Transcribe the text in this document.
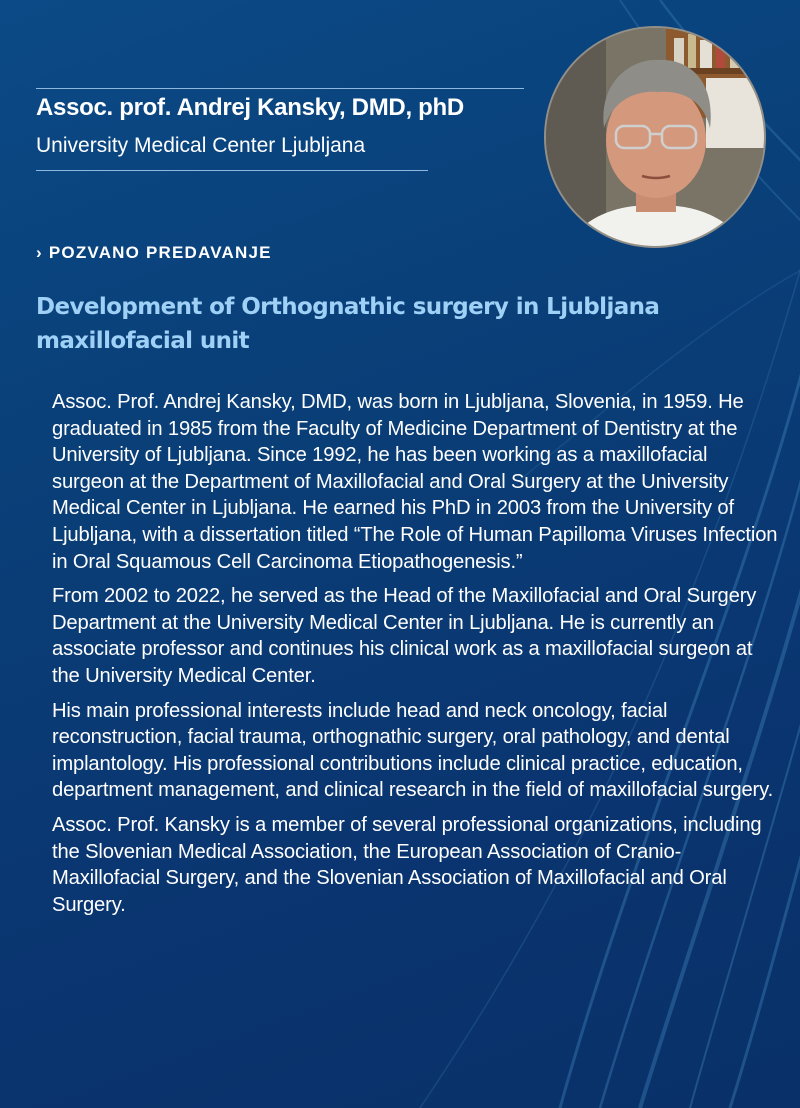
Assoc. prof. Andrej Kansky, DMD, phD
University Medical Center Ljubljana
› POZVANO PREDAVANJE
Development of Orthognathic surgery in Ljubljana maxillofacial unit

Assoc. Prof. Andrej Kansky, DMD, was born in Ljubljana, Slovenia, in 1959. He graduated in 1985 from the Faculty of Medicine Department of Dentistry at the University of Ljubljana. Since 1992, he has been working as a maxillofacial surgeon at the Department of Maxillofacial and Oral Surgery at the University Medical Center in Ljubljana. He earned his PhD in 2003 from the University of Ljubljana, with a dissertation titled “The Role of Human Papilloma Viruses Infection in Oral Squamous Cell Carcinoma Etiopathogenesis.”

From 2002 to 2022, he served as the Head of the Maxillofacial and Oral Surgery Department at the University Medical Center in Ljubljana. He is currently an associate professor and continues his clinical work as a maxillofacial surgeon at the University Medical Center.

His main professional interests include head and neck oncology, facial reconstruction, facial trauma, orthognathic surgery, oral pathology, and dental implantology. His professional contributions include clinical practice, education, department management, and clinical research in the field of maxillofacial surgery.

Assoc. Prof. Kansky is a member of several professional organizations, including the Slovenian Medical Association, the European Association of Cranio-Maxillofacial Surgery, and the Slovenian Association of Maxillofacial and Oral Surgery.
